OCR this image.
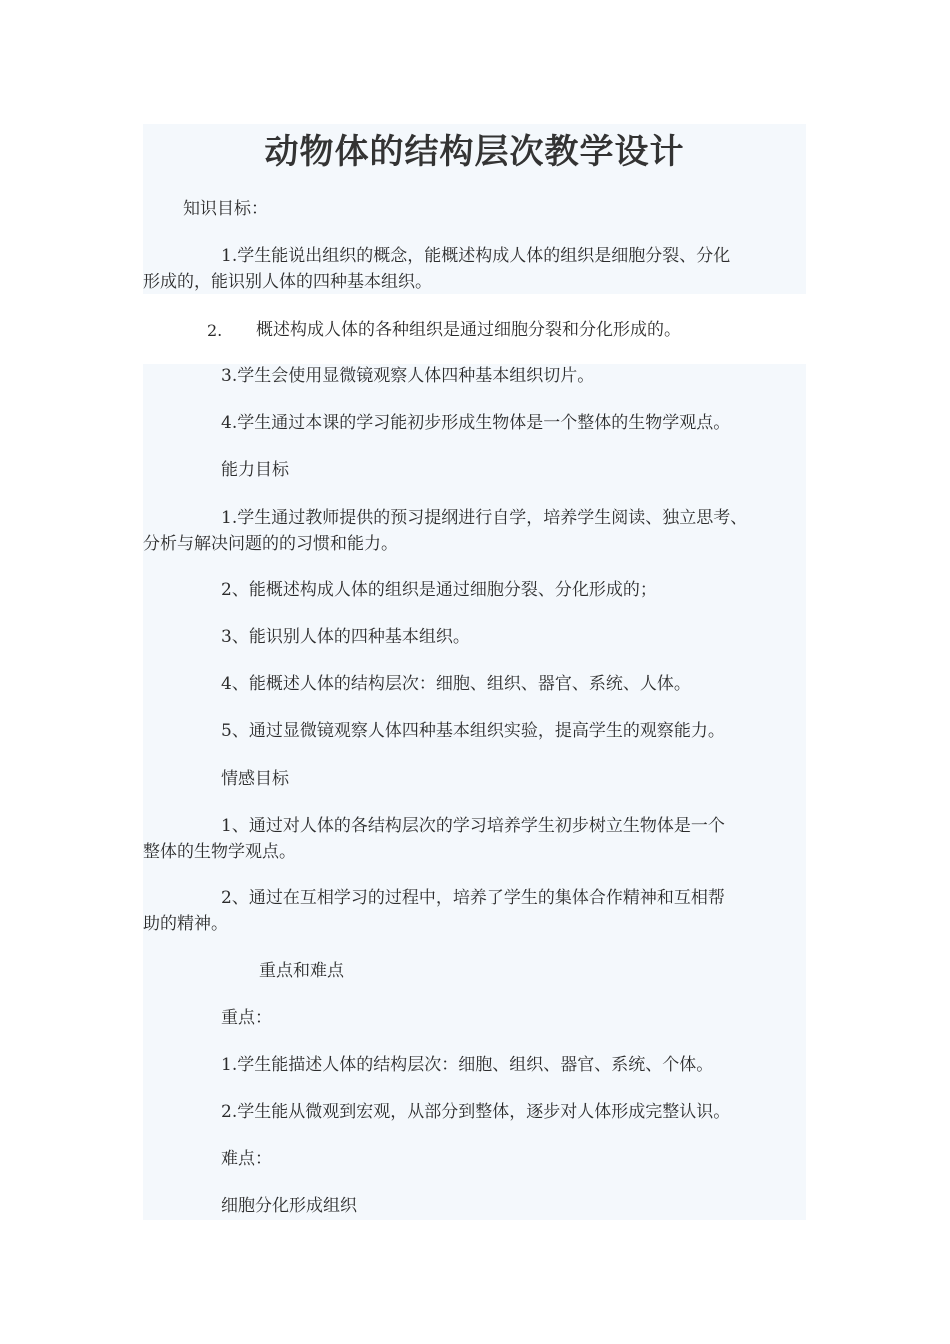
动物体的结构层次教学设计
知识目标：
1.学生能说出组织的概念，能概述构成人体的组织是细胞分裂、分化
形成的，能识别人体的四种基本组织。
2. 概述构成人体的各种组织是通过细胞分裂和分化形成的。
3.学生会使用显微镜观察人体四种基本组织切片。
4.学生通过本课的学习能初步形成生物体是一个整体的生物学观点。
能力目标
1.学生通过教师提供的预习提纲进行自学，培养学生阅读、独立思考、
分析与解决问题的的习惯和能力。
2、能概述构成人体的组织是通过细胞分裂、分化形成的；
3、能识别人体的四种基本组织。
4、能概述人体的结构层次：细胞、组织、器官、系统、人体。
5、通过显微镜观察人体四种基本组织实验，提高学生的观察能力。
情感目标
1、通过对人体的各结构层次的学习培养学生初步树立生物体是一个
整体的生物学观点。
2、通过在互相学习的过程中，培养了学生的集体合作精神和互相帮
助的精神。
重点和难点
重点：
1.学生能描述人体的结构层次：细胞、组织、器官、系统、个体。
2.学生能从微观到宏观，从部分到整体，逐步对人体形成完整认识。
难点：
细胞分化形成组织
